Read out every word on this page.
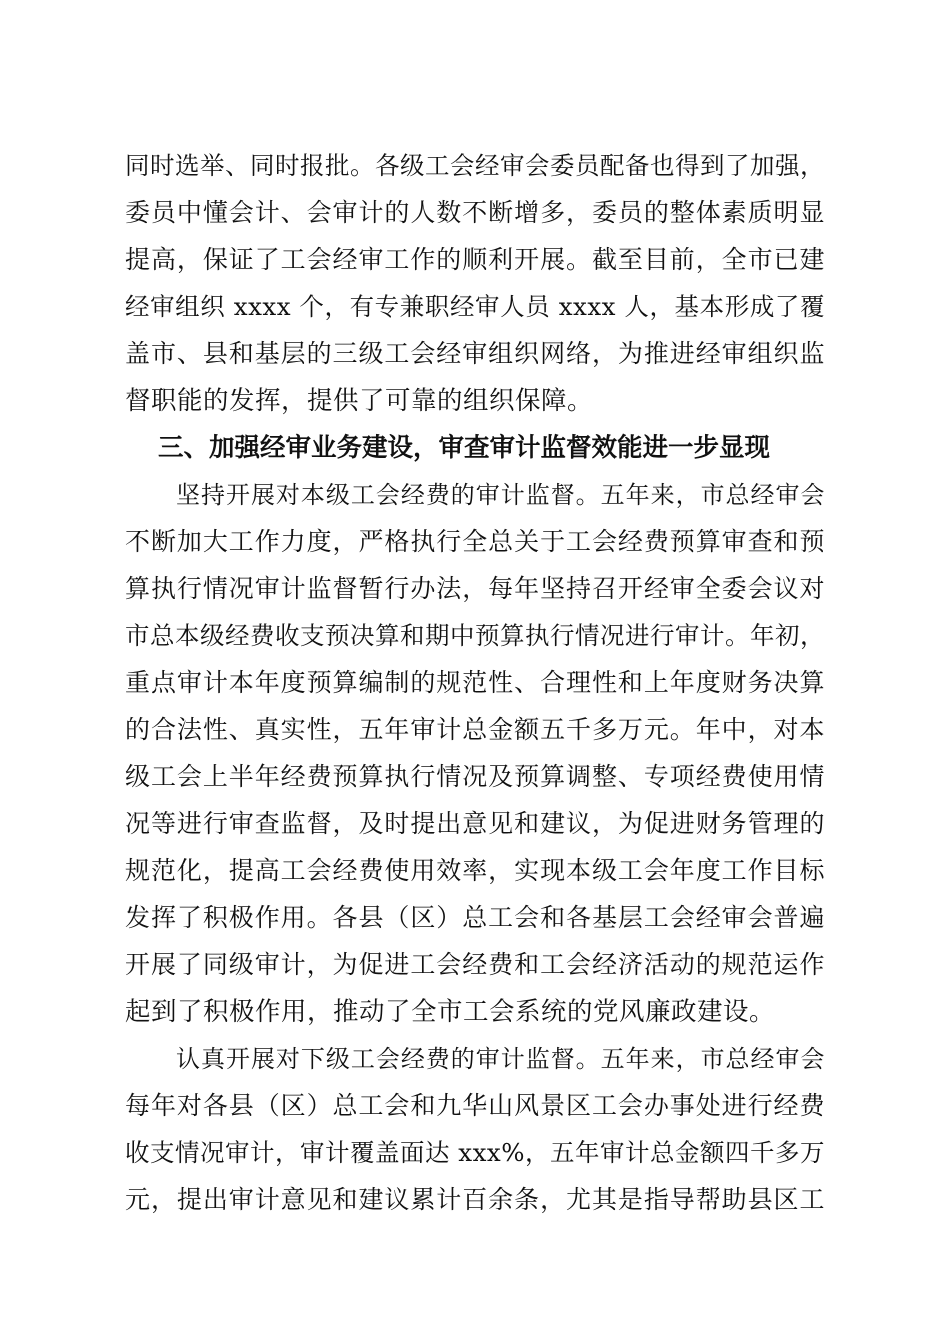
同时选举、同时报批。各级工会经审会委员配备也得到了加强，
委员中懂会计、会审计的人数不断增多，委员的整体素质明显
提高，保证了工会经审工作的顺利开展。截至目前，全市已建
经审组织 xxxx 个，有专兼职经审人员 xxxx 人，基本形成了覆
盖市、县和基层的三级工会经审组织网络，为推进经审组织监
督职能的发挥，提供了可靠的组织保障。
三、加强经审业务建设，审查审计监督效能进一步显现
坚持开展对本级工会经费的审计监督。五年来，市总经审会
不断加大工作力度，严格执行全总关于工会经费预算审查和预
算执行情况审计监督暂行办法，每年坚持召开经审全委会议对
市总本级经费收支预决算和期中预算执行情况进行审计。年初，
重点审计本年度预算编制的规范性、合理性和上年度财务决算
的合法性、真实性，五年审计总金额五千多万元。年中，对本
级工会上半年经费预算执行情况及预算调整、专项经费使用情
况等进行审查监督，及时提出意见和建议，为促进财务管理的
规范化，提高工会经费使用效率，实现本级工会年度工作目标
发挥了积极作用。各县（区）总工会和各基层工会经审会普遍
开展了同级审计，为促进工会经费和工会经济活动的规范运作
起到了积极作用，推动了全市工会系统的党风廉政建设。
认真开展对下级工会经费的审计监督。五年来，市总经审会
每年对各县（区）总工会和九华山风景区工会办事处进行经费
收支情况审计，审计覆盖面达 xxx%，五年审计总金额四千多万
元，提出审计意见和建议累计百余条，尤其是指导帮助县区工
